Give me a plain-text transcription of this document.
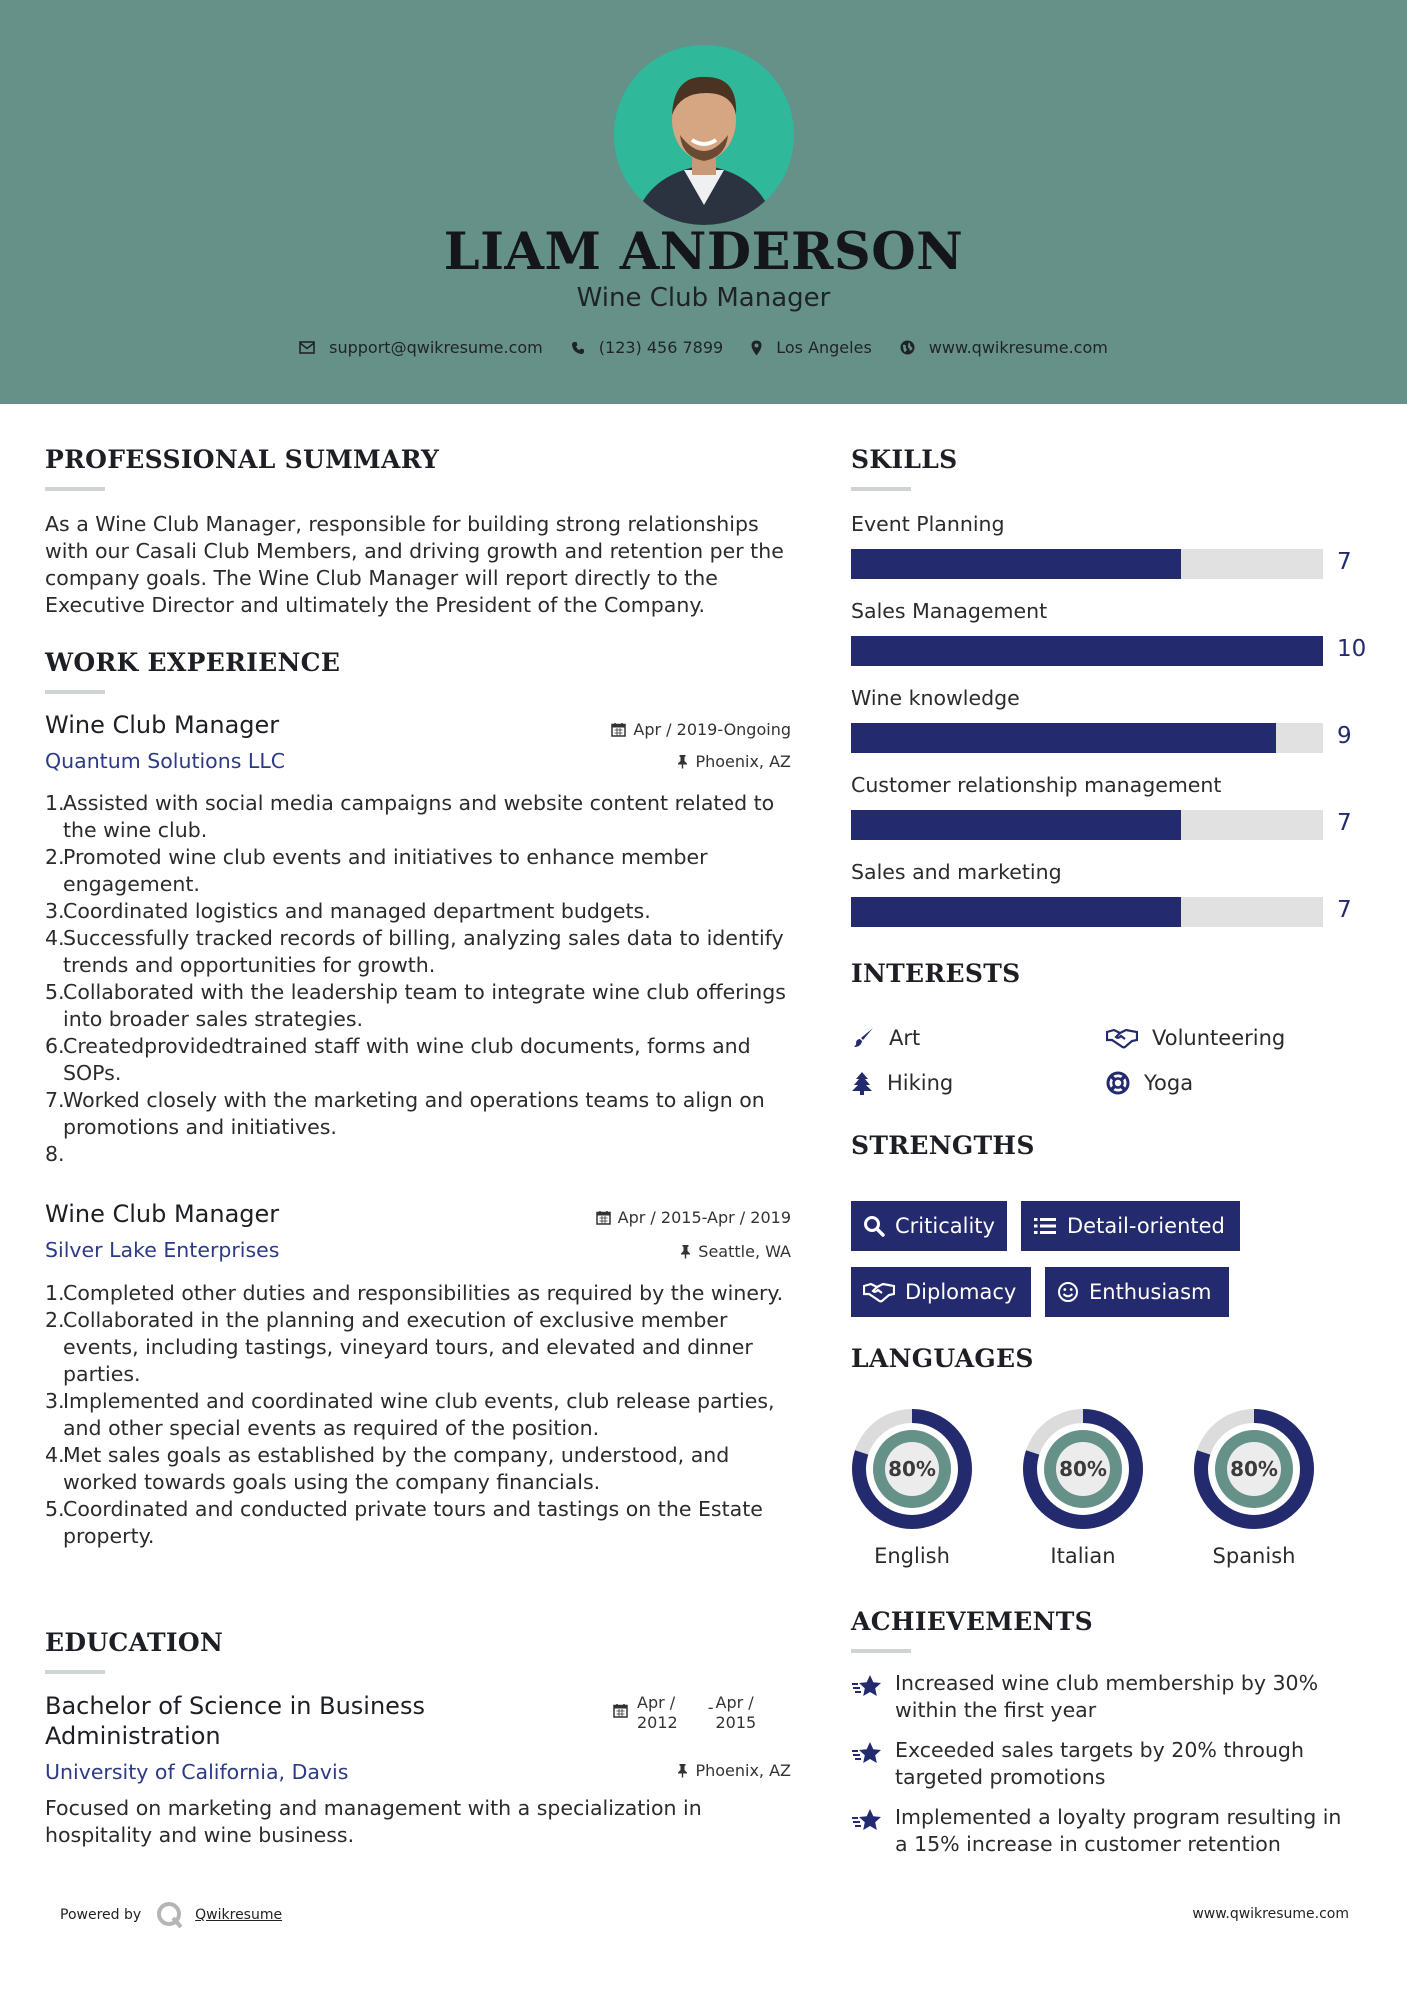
LIAM ANDERSON
Wine Club Manager
support@qwikresume.com	(123) 456 7899	Los Angeles	www.qwikresume.com
PROFESSIONAL SUMMARY
As a Wine Club Manager, responsible for building strong relationships with our Casali Club Members, and driving growth and retention per the company goals. The Wine Club Manager will report directly to the Executive Director and ultimately the President of the Company.
WORK EXPERIENCE
Wine Club Manager	Apr / 2019-Ongoing
Quantum Solutions LLC	Phoenix, AZ
1.
Assisted with social media campaigns and website content related to the wine club.
2.
Promoted wine club events and initiatives to enhance member engagement.
3.
Coordinated logistics and managed department budgets.
4.
Successfully tracked records of billing, analyzing sales data to identify trends and opportunities for growth.
5.
Collaborated with the leadership team to integrate wine club offerings into broader sales strategies.
6.
Createdprovidedtrained staff with wine club documents, forms and SOPs.
7.
Worked closely with the marketing and operations teams to align on promotions and initiatives.
8.
Wine Club Manager	Apr / 2015-Apr / 2019
Silver Lake Enterprises	Seattle, WA
1.
Completed other duties and responsibilities as required by the winery.
2.
Collaborated in the planning and execution of exclusive member events, including tastings, vineyard tours, and elevated and dinner parties.
3.
Implemented and coordinated wine club events, club release parties, and other special events as required of the position.
4.
Met sales goals as established by the company, understood, and worked towards goals using the company financials.
5.
Coordinated and conducted private tours and tastings on the Estate property.
EDUCATION
Bachelor of Science in Business
Administration
Apr /
2012
- Apr /
2015
University of California, Davis	Phoenix, AZ
Focused on marketing and management with a specialization in hospitality and wine business.
SKILLS
Event Planning
7
Sales Management
10
Wine knowledge
9
Customer relationship management
7
Sales and marketing
7
INTERESTS
Art	Volunteering
Hiking	Yoga
STRENGTHS
Criticality	Detail-oriented
Diplomacy	Enthusiasm
LANGUAGES
80%
English
80%
Italian
80%
Spanish
ACHIEVEMENTS
Increased wine club membership by 30%
within the first year
Exceeded sales targets by 20% through
targeted promotions
Implemented a loyalty program resulting in
a 15% increase in customer retention
Powered by	Qwikresume	www.qwikresume.com
